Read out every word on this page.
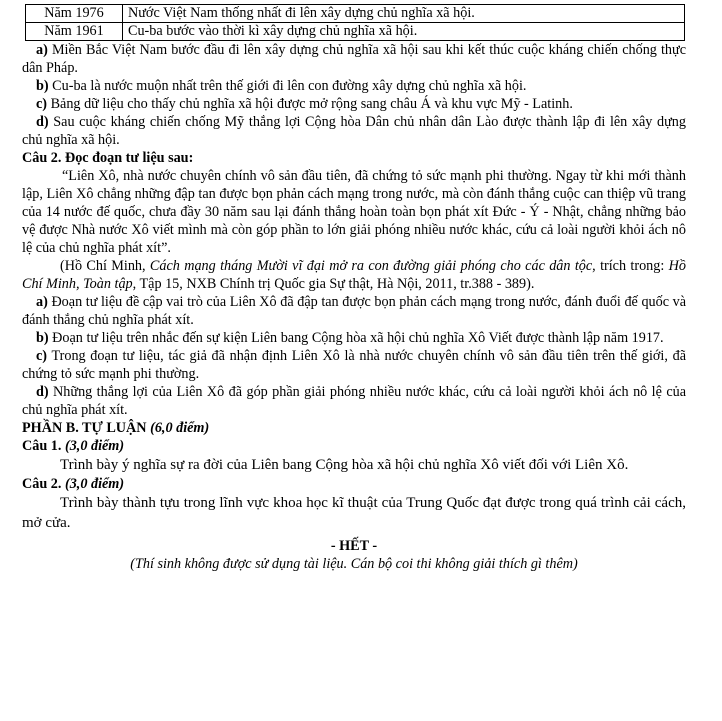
Năm 1976	Nước Việt Nam thống nhất đi lên xây dựng chủ nghĩa xã hội.
Năm 1961	Cu-ba bước vào thời kì xây dựng chủ nghĩa xã hội.

a) Miền Bắc Việt Nam bước đầu đi lên xây dựng chủ nghĩa xã hội sau khi kết thúc cuộc kháng chiến chống thực dân Pháp.

b) Cu-ba là nước muộn nhất trên thế giới đi lên con đường xây dựng chủ nghĩa xã hội.

c) Bảng dữ liệu cho thấy chủ nghĩa xã hội được mở rộng sang châu Á và khu vực Mỹ - Latinh.

d) Sau cuộc kháng chiến chống Mỹ thắng lợi Cộng hòa Dân chủ nhân dân Lào được thành lập đi lên xây dựng chủ nghĩa xã hội.

Câu 2. Đọc đoạn tư liệu sau:

“Liên Xô, nhà nước chuyên chính vô sản đầu tiên, đã chứng tỏ sức mạnh phi thường. Ngay từ khi mới thành lập, Liên Xô chẳng những đập tan được bọn phản cách mạng trong nước, mà còn đánh thắng cuộc can thiệp vũ trang của 14 nước đế quốc, chưa đầy 30 năm sau lại đánh thắng hoàn toàn bọn phát xít Đức - Ý - Nhật, chẳng những bảo vệ được Nhà nước Xô viết mình mà còn góp phần to lớn giải phóng nhiều nước khác, cứu cả loài người khỏi ách nô lệ của chủ nghĩa phát xít”.

(Hồ Chí Minh, Cách mạng tháng Mười vĩ đại mở ra con đường giải phóng cho các dân tộc, trích trong: Hồ Chí Minh, Toàn tập, Tập 15, NXB Chính trị Quốc gia Sự thật, Hà Nội, 2011, tr.388 - 389).

a) Đoạn tư liệu đề cập vai trò của Liên Xô đã đập tan được bọn phản cách mạng trong nước, đánh đuổi đế quốc và đánh thắng chủ nghĩa phát xít.

b) Đoạn tư liệu trên nhắc đến sự kiện Liên bang Cộng hòa xã hội chủ nghĩa Xô Viết được thành lập năm 1917.

c) Trong đoạn tư liệu, tác giả đã nhận định Liên Xô là nhà nước chuyên chính vô sản đầu tiên trên thế giới, đã chứng tỏ sức mạnh phi thường.

d) Những thắng lợi của Liên Xô đã góp phần giải phóng nhiều nước khác, cứu cả loài người khỏi ách nô lệ của chủ nghĩa phát xít.

PHẦN B. TỰ LUẬN (6,0 điểm)

Câu 1. (3,0 điểm)

Trình bày ý nghĩa sự ra đời của Liên bang Cộng hòa xã hội chủ nghĩa Xô viết đối với Liên Xô.

Câu 2. (3,0 điểm)

Trình bày thành tựu trong lĩnh vực khoa học kĩ thuật của Trung Quốc đạt được trong quá trình cải cách, mở cửa.

- HẾT -

(Thí sinh không được sử dụng tài liệu. Cán bộ coi thi không giải thích gì thêm)
